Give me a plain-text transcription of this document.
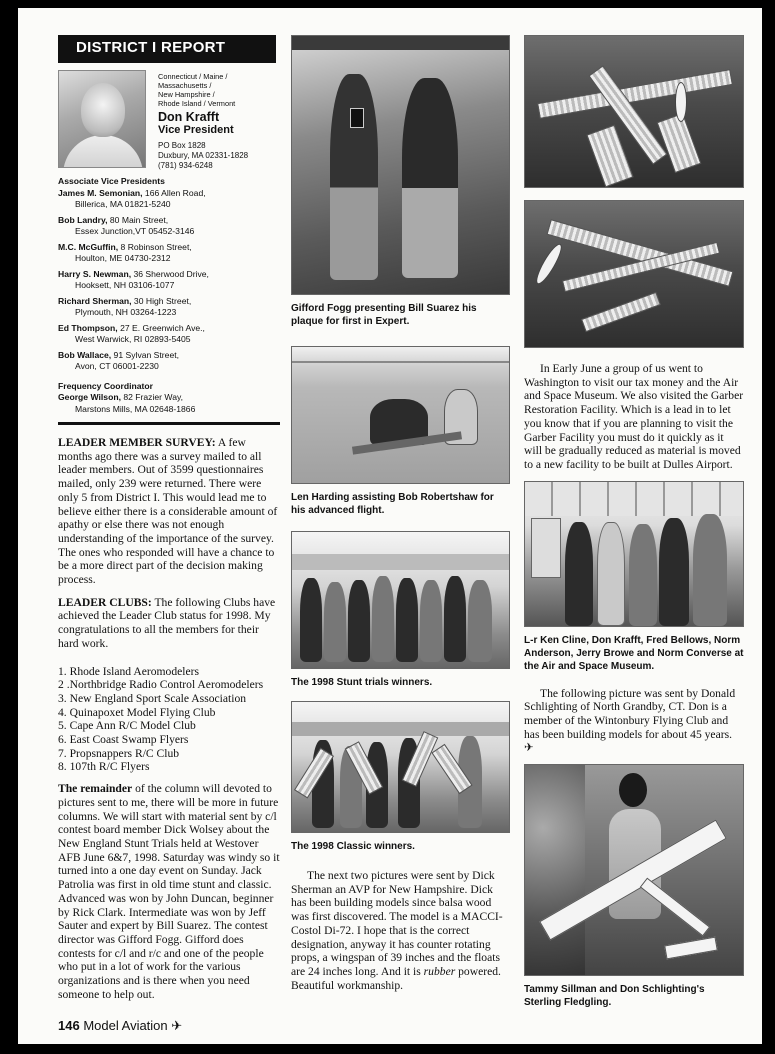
DISTRICT I REPORT
Connecticut / Maine /
Massachusetts /
New Hampshire /
Rhode Island / Vermont
Don Krafft
Vice President
PO Box 1828
Duxbury, MA 02331-1828
(781) 934-6248
Associate Vice Presidents
James M. Semonian, 166 Allen Road,
Billerica, MA 01821-5240
Bob Landry, 80 Main Street,
Essex Junction,VT 05452-3146
M.C. McGuffin, 8 Robinson Street,
Houlton, ME 04730-2312
Harry S. Newman, 36 Sherwood Drive,
Hooksett, NH 03106-1077
Richard Sherman, 30 High Street,
Plymouth, NH 03264-1223
Ed Thompson, 27 E. Greenwich Ave.,
West Warwick, RI 02893-5405
Bob Wallace, 91 Sylvan Street,
Avon, CT 06001-2230
Frequency Coordinator
George Wilson, 82 Frazier Way,
Marstons Mills, MA 02648-1866

LEADER MEMBER SURVEY: A few months ago there was a survey mailed to all leader members. Out of 3599 questionnaires mailed, only 239 were returned. There were only 5 from District I. This would lead me to believe either there is a considerable amount of apathy or else there was not enough understanding of the importance of the survey. The ones who responded will have a chance to be a more direct part of the decision making process.

LEADER CLUBS: The following Clubs have achieved the Leader Club status for 1998. My congratulations to all the members for their hard work.

1. Rhode Island Aeromodelers
2 .Northbridge Radio Control Aeromodelers
3. New England Sport Scale Association
4. Quinapoxet Model Flying Club
5. Cape Ann R/C Model Club
6. East Coast Swamp Flyers
7. Propsnappers R/C Club
8. 107th R/C Flyers

The remainder of the column will devoted to pictures sent to me, there will be more in future columns. We will start with material sent by c/l contest board member Dick Wolsey about the New England Stunt Trials held at Westover AFB June 6&7, 1998. Saturday was windy so it turned into a one day event on Sunday. Jack Patrolia was first in old time stunt and classic. Advanced was won by John Duncan, beginner by Rick Clark. Intermediate was won by Jeff Sauter and expert by Bill Suarez. The contest director was Gifford Fogg. Gifford does contests for c/l and r/c and one of the people who put in a lot of work for the various organizations and is there when you need someone to help out.

Gifford Fogg presenting Bill Suarez his plaque for first in Expert.
Len Harding assisting Bob Robertshaw for his advanced flight.
The 1998 Stunt trials winners.
The 1998 Classic winners.

The next two pictures were sent by Dick Sherman an AVP for New Hampshire. Dick has been building models since balsa wood was first discovered. The model is a MACCI-Costol Di-72. I hope that is the correct designation, anyway it has counter rotating props, a wingspan of 39 inches and the floats are 24 inches long. And it is rubber powered. Beautiful workmanship.

In Early June a group of us went to Washington to visit our tax money and the Air and Space Museum. We also visited the Garber Restoration Facility. Which is a lead in to let you know that if you are planning to visit the Garber Facility you must do it quickly as it will be gradually reduced as material is moved to a new facility to be built at Dulles Airport.

L-r Ken Cline, Don Krafft, Fred Bellows, Norm Anderson, Jerry Browe and Norm Converse at the Air and Space Museum.

The following picture was sent by Donald Schlighting of North Grandby, CT. Don is a member of the Wintonbury Flying Club and has been building models for about 45 years. ✈

Tammy Sillman and Don Schlighting's Sterling Fledgling.
146 Model Aviation ✈
